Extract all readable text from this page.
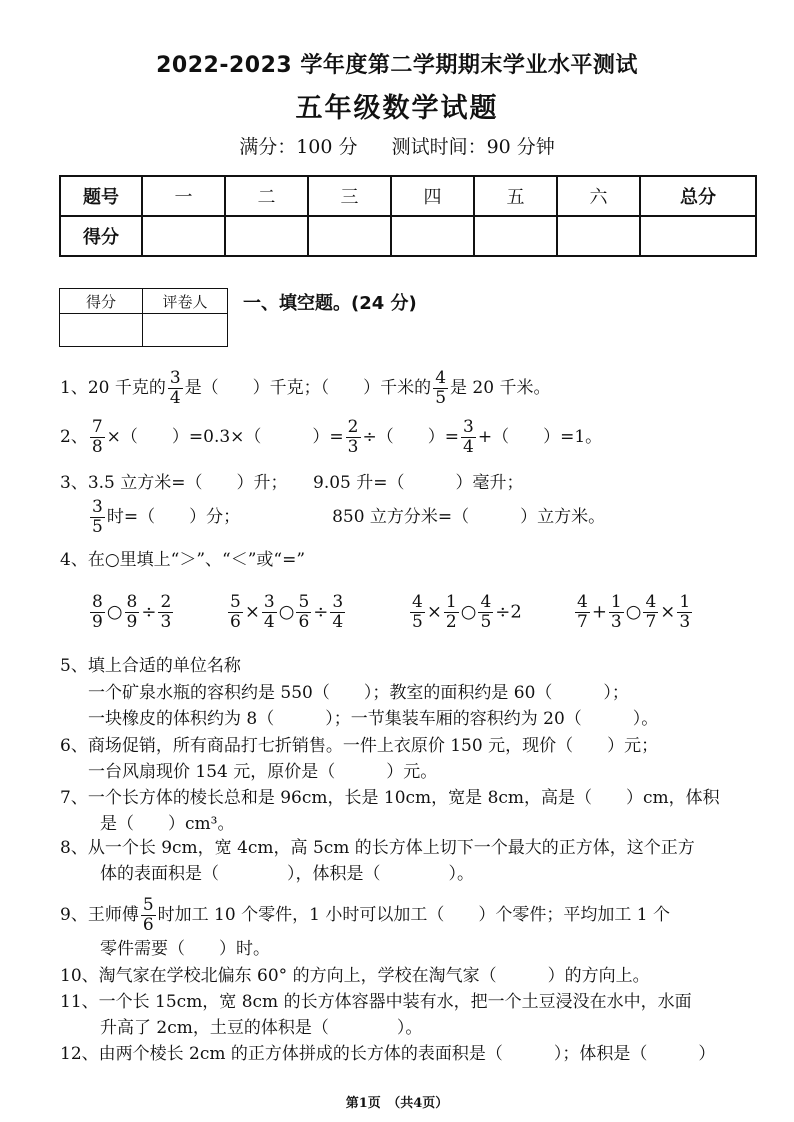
2022-2023 学年度第二学期期末学业水平测试
五年级数学试题
满分：100 分 测试时间：90 分钟
题号	一	二	三	四	五	六	总分
得分							
得分	评卷人
	一、填空题。(24 分)
1、20 千克的 $\frac{3}{4}$ 是（　　）千克；（　　）千米的 $\frac{4}{5}$ 是 20 千米。
2、 $\frac{7}{8}$ ×（　　）=0.3×（　　　）= $\frac{2}{3}$ ÷（　　）= $\frac{3}{4}$ +（　　）=1。
3、3.5 立方米=（　　）升；　　9.05 升=（　　　）毫升；
$\frac{3}{5}$ 时=（　　）分；	850 立方分米=（　　　）立方米。
4、在○里填上“＞”、“＜”或“=”
$\frac{8}{9}$ ○ $\frac{8}{9} \div \frac{2}{3}$	$\frac{5}{6} \times \frac{3}{4}$ ○ $\frac{5}{6} \div \frac{3}{4}$	$\frac{4}{5} \times \frac{1}{2}$ ○ $\frac{4}{5} \div 2$	$\frac{4}{7} + \frac{1}{3}$ ○ $\frac{4}{7} \times \frac{1}{3}$
5、填上合适的单位名称
一个矿泉水瓶的容积约是 550（　　）；教室的面积约是 60（　　　）；
一块橡皮的体积约为 8（　　　）；一节集装车厢的容积约为 20（　　　）。
6、商场促销，所有商品打七折销售。一件上衣原价 150 元，现价（　　）元；
一台风扇现价 154 元，原价是（　　　）元。
7、一个长方体的棱长总和是 96cm，长是 10cm，宽是 8cm，高是（　　）cm，体积
是（　　）cm³。
8、从一个长 9cm，宽 4cm，高 5cm 的长方体上切下一个最大的正方体，这个正方
体的表面积是（　　　　），体积是（　　　　）。
9、王师傅 $\frac{5}{6}$ 时加工 10 个零件，1 小时可以加工（　　）个零件；平均加工 1 个
零件需要（　　）时。
10、淘气家在学校北偏东 60° 的方向上，学校在淘气家（　　　）的方向上。
11、一个长 15cm，宽 8cm 的长方体容器中装有水，把一个土豆浸没在水中，水面
升高了 2cm，土豆的体积是（　　　　）。
12、由两个棱长 2cm 的正方体拼成的长方体的表面积是（　　　）；体积是（　　　）
第1页　（共4页）
